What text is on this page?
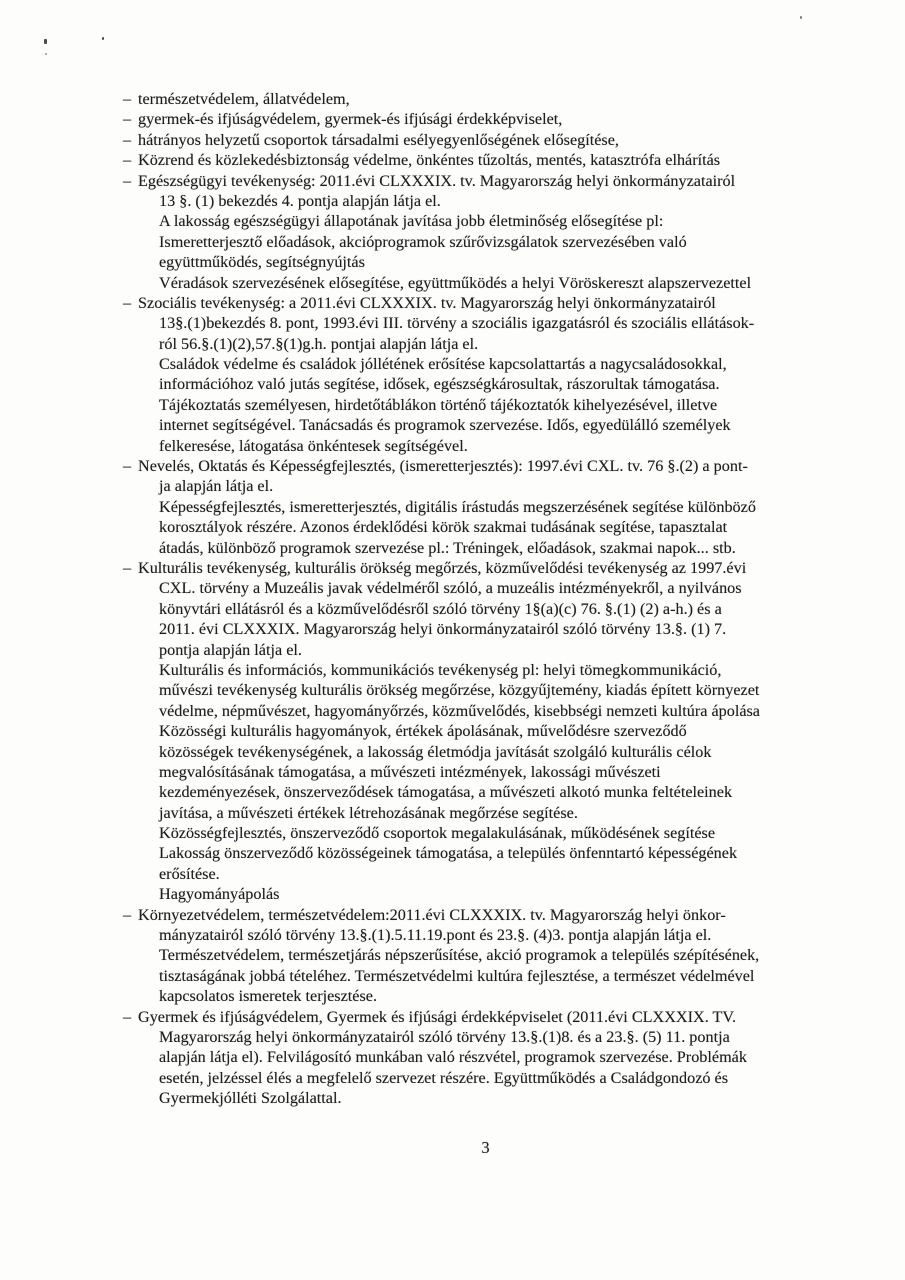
– természetvédelem, állatvédelem,
– gyermek-és ifjúságvédelem, gyermek-és ifjúsági érdekképviselet,
– hátrányos helyzetű csoportok társadalmi esélyegyenlőségének elősegítése,
– Közrend és közlekedésbiztonság védelme, önkéntes tűzoltás, mentés, katasztrófa elhárítás
– Egészségügyi tevékenység: 2011.évi CLXXXIX. tv. Magyarország helyi önkormányzatairól
13 §. (1) bekezdés 4. pontja alapján látja el.
A lakosság egészségügyi állapotának javítása jobb életminőség elősegítése pl:
Ismeretterjesztő előadások, akcióprogramok szűrővizsgálatok szervezésében való
együttműködés, segítségnyújtás
Véradások szervezésének elősegítése, együttműködés a helyi Vöröskereszt alapszervezettel
– Szociális tevékenység: a 2011.évi CLXXXIX. tv. Magyarország helyi önkormányzatairól
13§.(1)bekezdés 8. pont, 1993.évi III. törvény a szociális igazgatásról és szociális ellátások-
ról 56.§.(1)(2),57.§(1)g.h. pontjai alapján látja el.
Családok védelme és családok jóllétének erősítése kapcsolattartás a nagycsaládosokkal,
információhoz való jutás segítése, idősek, egészségkárosultak, rászorultak támogatása.
Tájékoztatás személyesen, hirdetőtáblákon történő tájékoztatók kihelyezésével, illetve
internet segítségével. Tanácsadás és programok szervezése. Idős, egyedülálló személyek
felkeresése, látogatása önkéntesek segítségével.
– Nevelés, Oktatás és Képességfejlesztés, (ismeretterjesztés): 1997.évi CXL. tv. 76 §.(2) a pont-
ja alapján látja el.
Képességfejlesztés, ismeretterjesztés, digitális írástudás megszerzésének segítése különböző
korosztályok részére. Azonos érdeklődési körök szakmai tudásának segítése, tapasztalat
átadás, különböző programok szervezése pl.: Tréningek, előadások, szakmai napok... stb.
– Kulturális tevékenység, kulturális örökség megőrzés, közművelődési tevékenység az 1997.évi
CXL. törvény a Muzeális javak védelméről szóló, a muzeális intézményekről, a nyilvános
könyvtári ellátásról és a közművelődésről szóló törvény 1§(a)(c) 76. §.(1) (2) a-h.) és a
2011. évi CLXXXIX. Magyarország helyi önkormányzatairól szóló törvény 13.§. (1) 7.
pontja alapján látja el.
Kulturális és információs, kommunikációs tevékenység pl: helyi tömegkommunikáció,
művészi tevékenység kulturális örökség megőrzése, közgyűjtemény, kiadás épített környezet
védelme, népművészet, hagyományőrzés, közművelődés, kisebbségi nemzeti kultúra ápolása
Közösségi kulturális hagyományok, értékek ápolásának, művelődésre szerveződő
közösségek tevékenységének, a lakosság életmódja javítását szolgáló kulturális célok
megvalósításának támogatása, a művészeti intézmények, lakossági művészeti
kezdeményezések, önszerveződések támogatása, a művészeti alkotó munka feltételeinek
javítása, a művészeti értékek létrehozásának megőrzése segítése.
Közösségfejlesztés, önszerveződő csoportok megalakulásának, működésének segítése
Lakosság önszerveződő közösségeinek támogatása, a település önfenntartó képességének
erősítése.
Hagyományápolás
– Környezetvédelem, természetvédelem:2011.évi CLXXXIX. tv. Magyarország helyi önkor-
mányzatairól szóló törvény 13.§.(1).5.11.19.pont és 23.§. (4)3. pontja alapján látja el.
Természetvédelem, természetjárás népszerűsítése, akció programok a település szépítésének,
tisztaságának jobbá tételéhez. Természetvédelmi kultúra fejlesztése, a természet védelmével
kapcsolatos ismeretek terjesztése.
– Gyermek és ifjúságvédelem, Gyermek és ifjúsági érdekképviselet (2011.évi CLXXXIX. TV.
Magyarország helyi önkormányzatairól szóló törvény 13.§.(1)8. és a 23.§. (5) 11. pontja
alapján látja el). Felvilágosító munkában való részvétel, programok szervezése. Problémák
esetén, jelzéssel élés a megfelelő szervezet részére. Együttműködés a Családgondozó és
Gyermekjólléti Szolgálattal.
3
